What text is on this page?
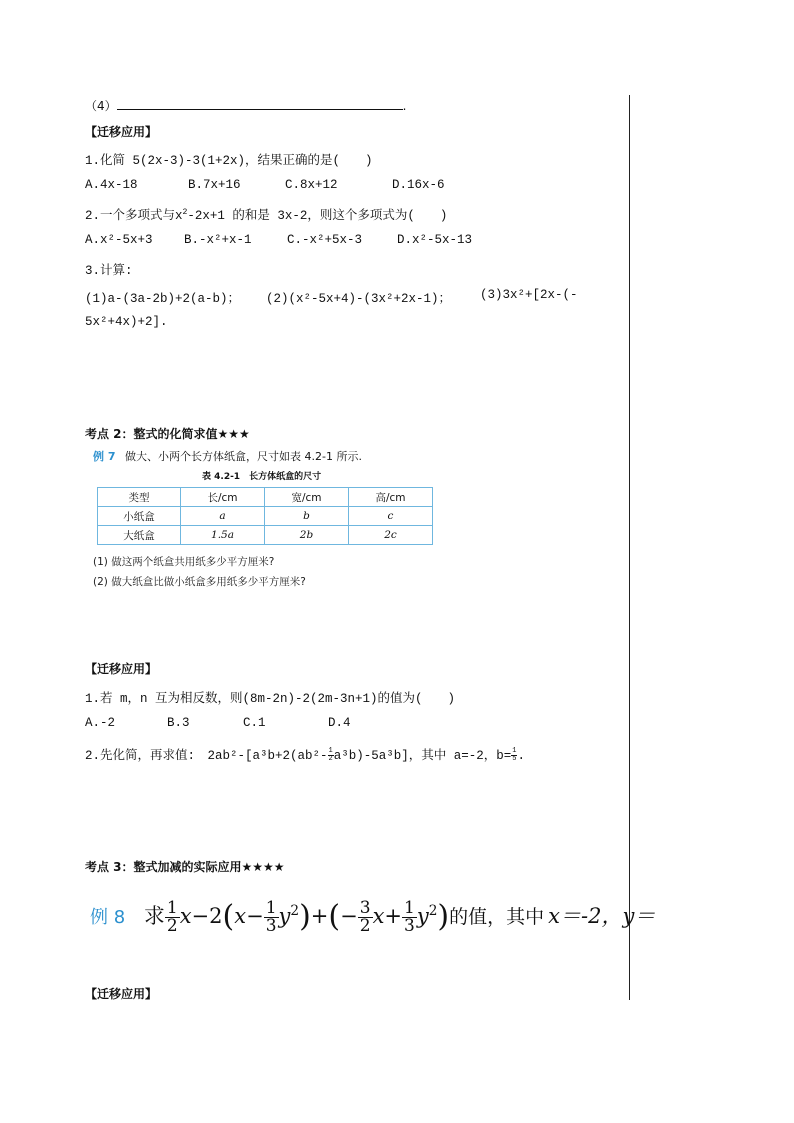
（4）	.
【迁移应用】
1.化简 5(2x-3)-3(1+2x)，结果正确的是(　　)
A.4x-18	B.7x+16	C.8x+12	D.16x-6
2.一个多项式与$x^2-2x+1$ 的和是 3x-2，则这个多项式为(　　)
A.x²-5x+3	B.-x²+x-1	C.-x²+5x-3	D.x²-5x-13
3.计算:
(1)a-(3a-2b)+2(a-b)； (2)(x²-5x+4)-(3x²+2x-1)； (3)3x²+[2x-(-
5x²+4x)+2].
考点 2：整式的化简求值★★★
例 7 做大、小两个长方体纸盒，尺寸如表 4.2-1 所示.
表 4.2-1　长方体纸盒的尺寸
类型	长/cm	宽/cm	高/cm
小纸盒	a	b	c
大纸盒	1.5a	2b	2c
(1) 做这两个纸盒共用纸多少平方厘米?
(2) 做大纸盒比做小纸盒多用纸多少平方厘米?
【迁移应用】
1.若 m，n 互为相反数，则(8m-2n)-2(2m-3n+1)的值为(　　)
A.-2	B.3	C.1	D.4
2.先化简，再求值:　$2ab^2-[a^3b+2(ab^2- \frac{1}{2} a^3b)-5a^3b]$，其中 a=-2，$b= \frac{1}{5}$ .
考点 3：整式加减的实际应用★★★★
例 8 求 $\frac{1}{2} x-2(x- \frac{1}{3} y^2)+(- \frac{3}{2} x+ \frac{1}{3} y^2)$的值，其中 x＝-2，y＝
【迁移应用】
